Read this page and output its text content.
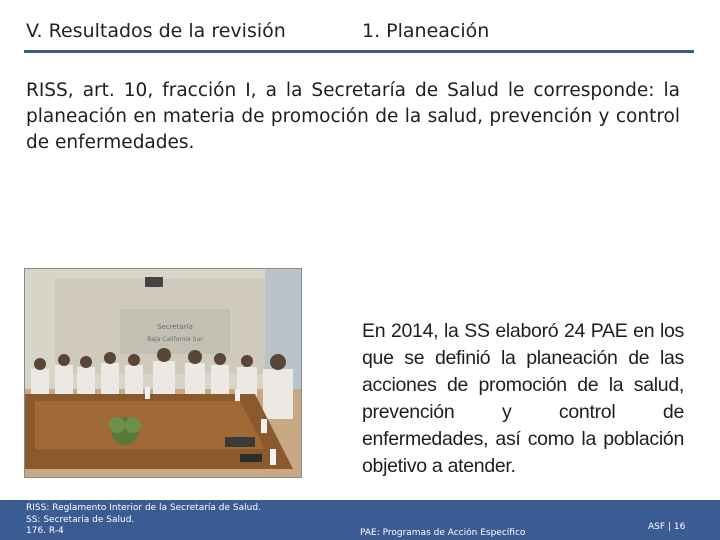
V. Resultados de la revisión	1. Planeación
RISS, art. 10, fracción I, a la Secretaría de Salud le corresponde: la planeación en materia de promoción de la salud, prevención y control de enfermedades.
Secretaría
Baja California Sur	En 2014, la SS elaboró 24 PAE en los que se definió la planeación de las acciones de promoción de la salud, prevención y control de enfermedades, así como la población objetivo a atender.
RISS: Reglamento Interior de la Secretaría de Salud.
SS: Secretaría de Salud.
176. R-4	PAE: Programas de Acción Específico
ASF | 16
